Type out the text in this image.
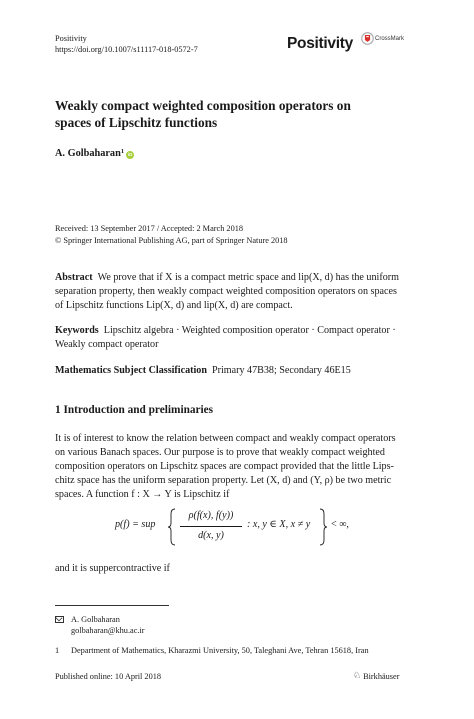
Positivity
https://doi.org/10.1007/s11117-018-0572-7	Positivity	CrossMark
Weakly compact weighted composition operators on
spaces of Lipschitz functions
A. Golbaharan 1 iD
Received: 13 September 2017 / Accepted: 2 March 2018
© Springer International Publishing AG, part of Springer Nature 2018
Abstract We prove that if X is a compact metric space and lip(X, d) has the uniform
separation property, then weakly compact weighted composition operators on spaces
of Lipschitz functions Lip(X, d) and lip(X, d) are compact.
Keywords Lipschitz algebra · Weighted composition operator · Compact operator ·
Weakly compact operator
Mathematics Subject Classification Primary 47B38; Secondary 46E15
1 Introduction and preliminaries
It is of interest to know the relation between compact and weakly compact operators
on various Banach spaces. Our purpose is to prove that weakly compact weighted
composition operators on Lipschitz spaces are compact provided that the little Lips-
chitz space has the uniform separation property. Let (X, d) and (Y, ρ) be two metric
spaces. A function f : X → Y is Lipschitz if
p(f) = sup
ρ(f(x), f(y))
d(x, y)
: x, y ∈ X, x ≠ y < ∞,
and it is suppercontractive if
A. Golbaharan
golbaharan@khu.ac.ir
1 Department of Mathematics, Kharazmi University, 50, Taleghani Ave, Tehran 15618, Iran
Published online: 10 April 2018	♘ Birkhäuser
